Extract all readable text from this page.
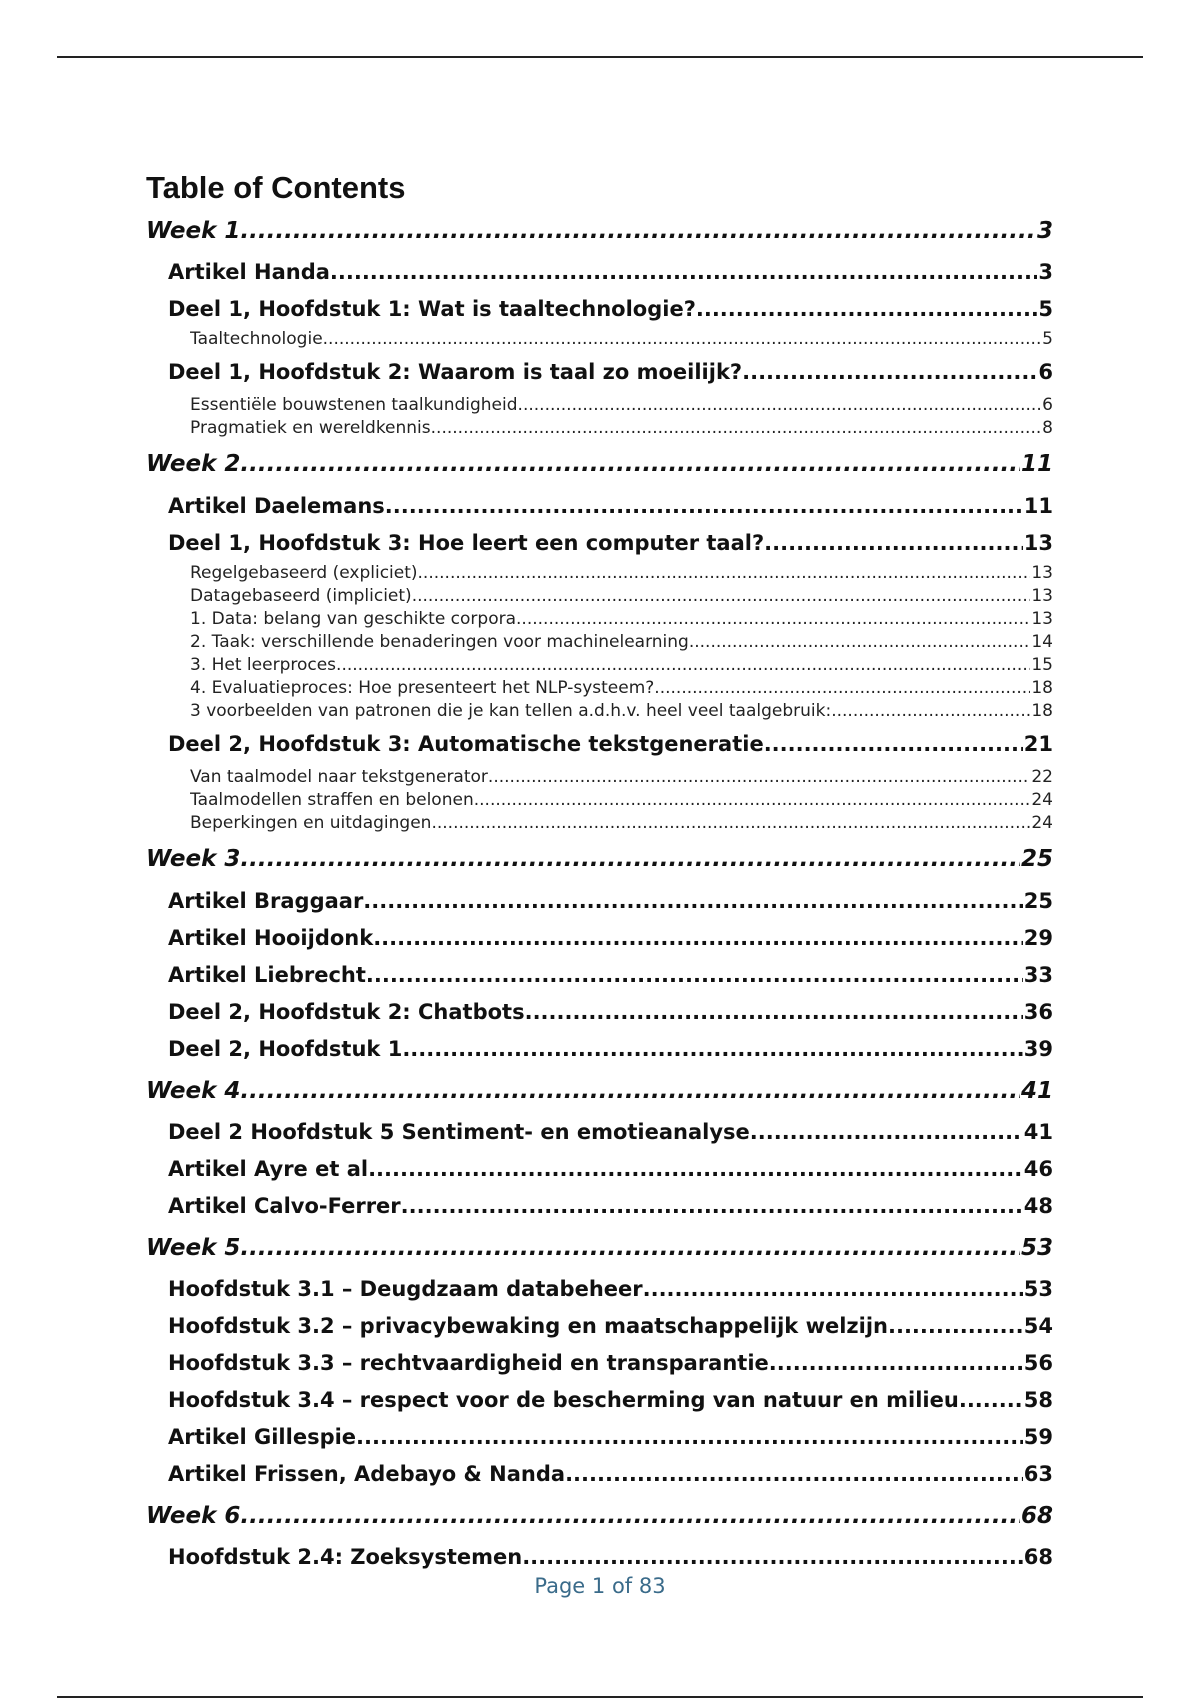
Table of Contents
Week 1 .....	3
Artikel Handa .....	3
Deel 1, Hoofdstuk 1: Wat is taaltechnologie? .....	5
Taaltechnologie .....	5
Deel 1, Hoofdstuk 2: Waarom is taal zo moeilijk? .....	6
Essentiële bouwstenen taalkundigheid .....	6
Pragmatiek en wereldkennis .....	8
Week 2 .....	11
Artikel Daelemans .....	11
Deel 1, Hoofdstuk 3: Hoe leert een computer taal? .....	13
Regelgebaseerd (expliciet) .....	13
Datagebaseerd (impliciet) .....	13
1. Data: belang van geschikte corpora .....	13
2. Taak: verschillende benaderingen voor machinelearning .....	14
3. Het leerproces .....	15
4. Evaluatieproces: Hoe presenteert het NLP-systeem? .....	18
3 voorbeelden van patronen die je kan tellen a.d.h.v. heel veel taalgebruik: .....	18
Deel 2, Hoofdstuk 3: Automatische tekstgeneratie .....	21
Van taalmodel naar tekstgenerator .....	22
Taalmodellen straffen en belonen .....	24
Beperkingen en uitdagingen .....	24
Week 3 .....	25
Artikel Braggaar .....	25
Artikel Hooijdonk .....	29
Artikel Liebrecht .....	33
Deel 2, Hoofdstuk 2: Chatbots .....	36
Deel 2, Hoofdstuk 1 .....	39
Week 4 .....	41
Deel 2 Hoofdstuk 5 Sentiment- en emotieanalyse .....	41
Artikel Ayre et al .....	46
Artikel Calvo-Ferrer .....	48
Week 5 .....	53
Hoofdstuk 3.1 – Deugdzaam databeheer .....	53
Hoofdstuk 3.2 – privacybewaking en maatschappelijk welzijn .....	54
Hoofdstuk 3.3 – rechtvaardigheid en transparantie .....	56
Hoofdstuk 3.4 – respect voor de bescherming van natuur en milieu. .....	58
Artikel Gillespie .....	59
Artikel Frissen, Adebayo & Nanda .....	63
Week 6 .....	68
Hoofdstuk 2.4: Zoeksystemen .....	68
Page 1 of 83
